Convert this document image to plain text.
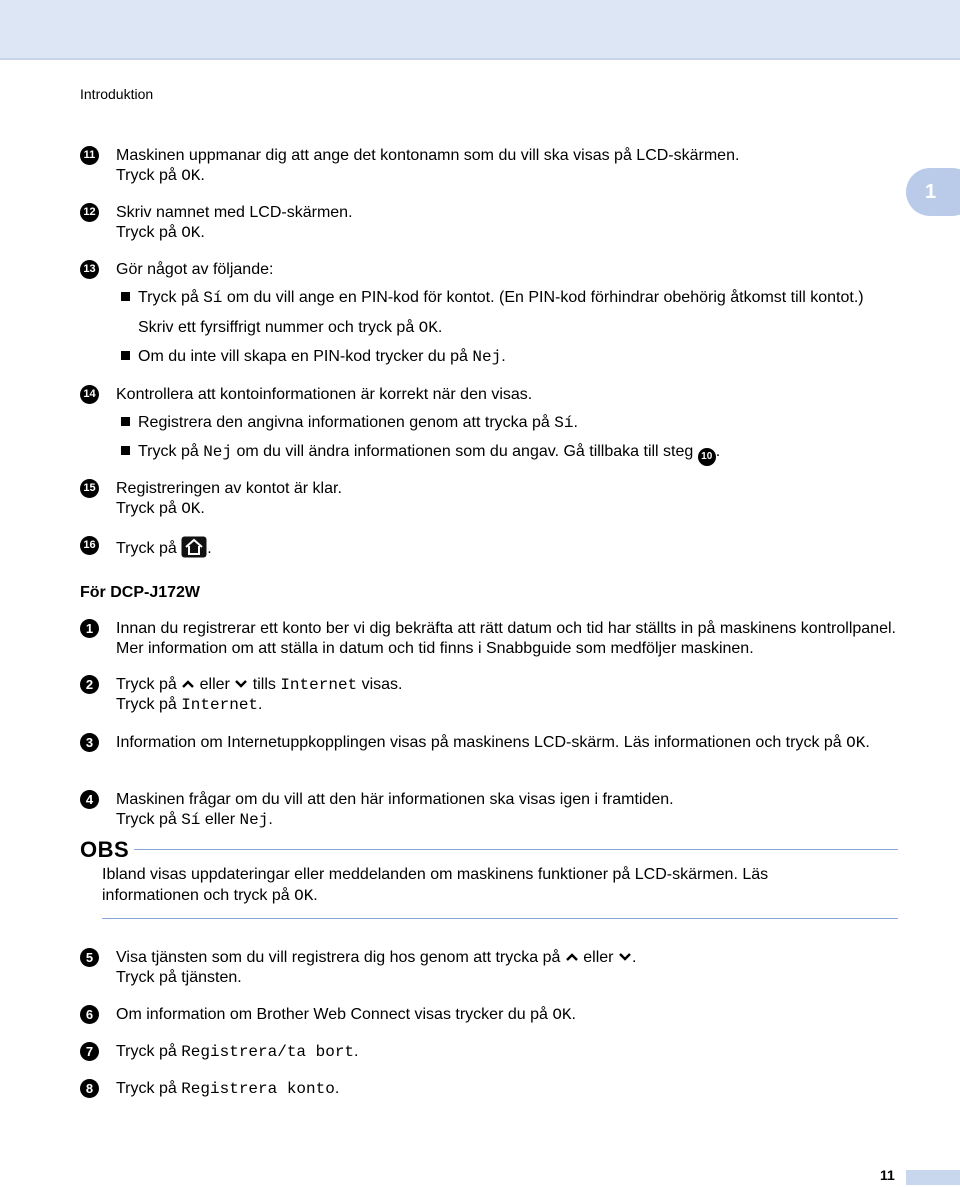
Introduktion
1
11 Maskinen uppmanar dig att ange det kontonamn som du vill ska visas på LCD-skärmen.
Tryck på OK.
12 Skriv namnet med LCD-skärmen.
Tryck på OK.
13 Gör något av följande:
Tryck på Sí om du vill ange en PIN-kod för kontot. (En PIN-kod förhindrar obehörig åtkomst till kontot.)
Skriv ett fyrsiffrigt nummer och tryck på OK.
Om du inte vill skapa en PIN-kod trycker du på Nej.
14 Kontrollera att kontoinformationen är korrekt när den visas.
Registrera den angivna informationen genom att trycka på Sí.
Tryck på Nej om du vill ändra informationen som du angav. Gå tillbaka till steg 10 .
15 Registreringen av kontot är klar.
Tryck på OK.
16 Tryck på .
För DCP-J172W
1	Innan du registrerar ett konto ber vi dig bekräfta att rätt datum och tid har ställts in på maskinens kontrollpanel. Mer information om att ställa in datum och tid finns i Snabbguide som medföljer maskinen.
2	Tryck på  eller  tills Internet visas.
Tryck på Internet.
3	Information om Internetuppkopplingen visas på maskinens LCD-skärm. Läs informationen och tryck på OK.
4	Maskinen frågar om du vill att den här informationen ska visas igen i framtiden.
Tryck på Sí eller Nej.
OBS
Ibland visas uppdateringar eller meddelanden om maskinens funktioner på LCD-skärmen. Läs informationen och tryck på OK.
5	Visa tjänsten som du vill registrera dig hos genom att trycka på  eller .
Tryck på tjänsten.
6	Om information om Brother Web Connect visas trycker du på OK.
7	Tryck på Registrera/ta bort.
8	Tryck på Registrera konto.
11
